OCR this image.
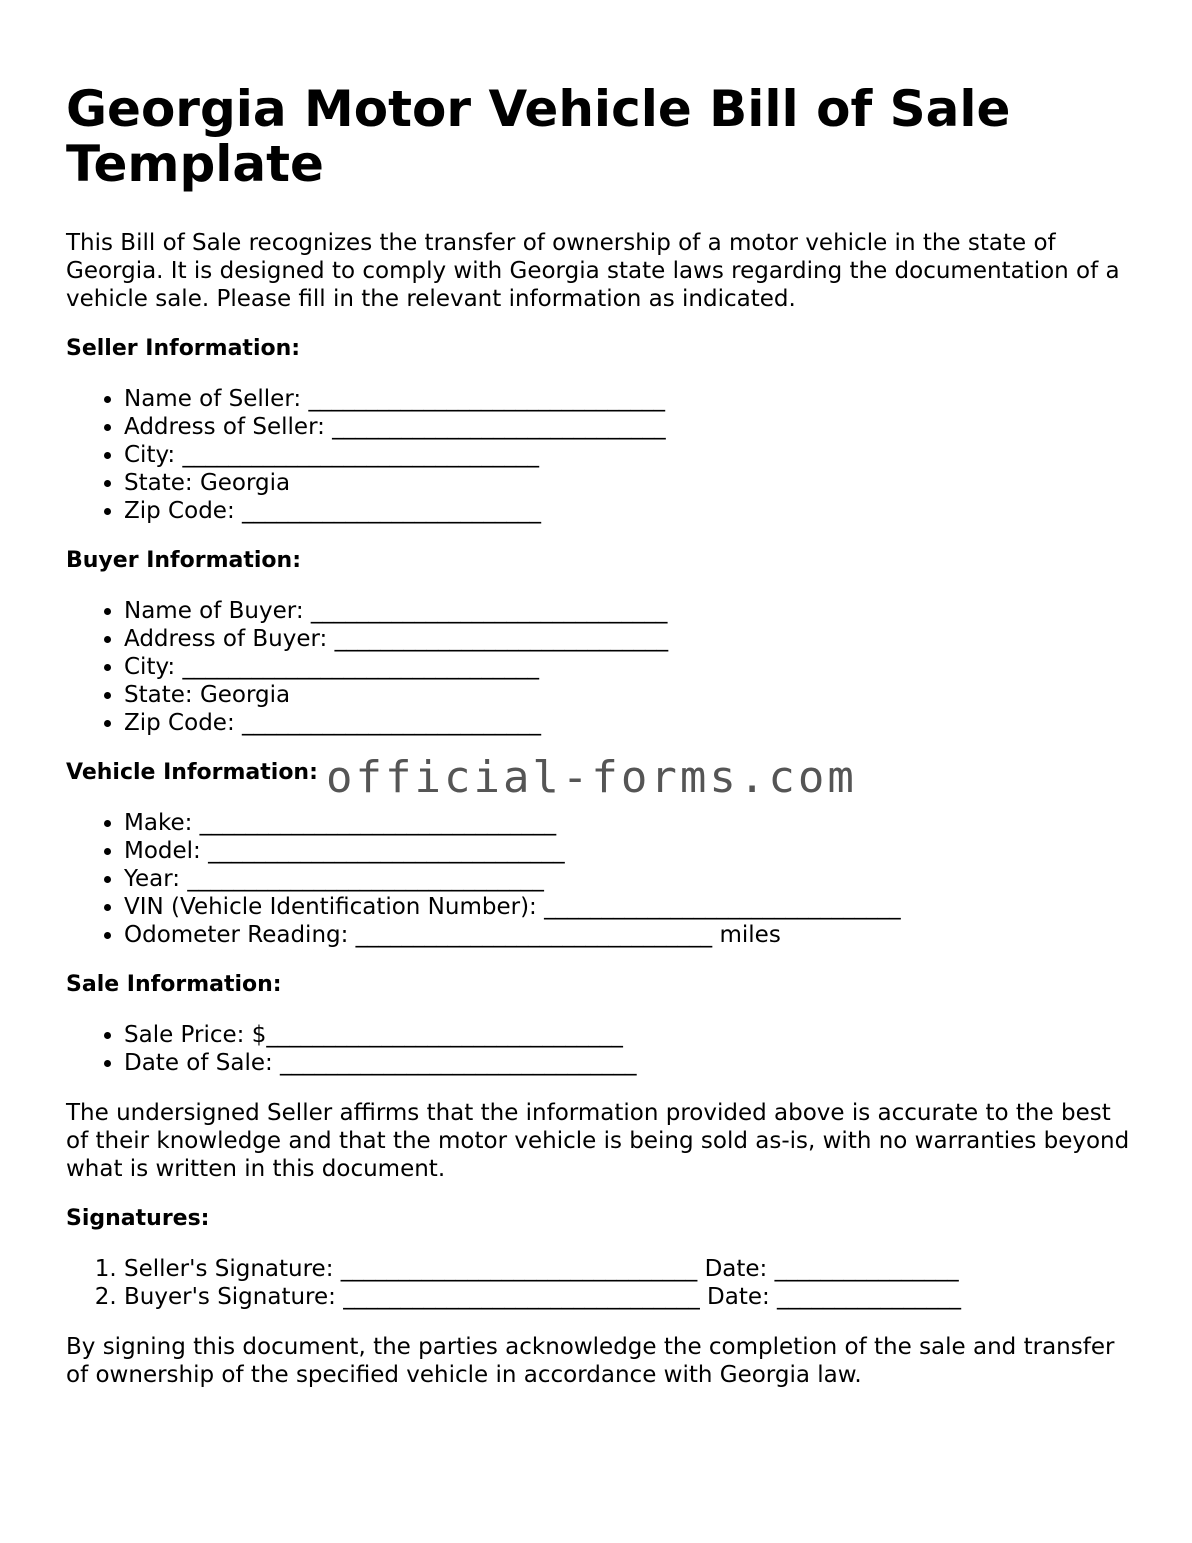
Georgia Motor Vehicle Bill of Sale Template

This Bill of Sale recognizes the transfer of ownership of a motor vehicle in the state of Georgia. It is designed to comply with Georgia state laws regarding the documentation of a vehicle sale. Please fill in the relevant information as indicated.

Seller Information:
• Name of Seller: _______________________________
• Address of Seller: _____________________________
• City: _______________________________
• State: Georgia
• Zip Code: __________________________
Buyer Information:
• Name of Buyer: _______________________________
• Address of Buyer: _____________________________
• City: _______________________________
• State: Georgia
• Zip Code: __________________________
Vehicle Information:
• Make: _______________________________
• Model: _______________________________
• Year: _______________________________
• VIN (Vehicle Identification Number): _______________________________
• Odometer Reading: _______________________________ miles
Sale Information:
• Sale Price: $_______________________________
• Date of Sale: _______________________________

The undersigned Seller affirms that the information provided above is accurate to the best of their knowledge and that the motor vehicle is being sold as-is, with no warranties beyond what is written in this document.

Signatures:
1. Seller's Signature: _______________________________ Date: ________________
2. Buyer's Signature: _______________________________ Date: ________________

By signing this document, the parties acknowledge the completion of the sale and transfer of ownership of the specified vehicle in accordance with Georgia law.

official-forms.com
